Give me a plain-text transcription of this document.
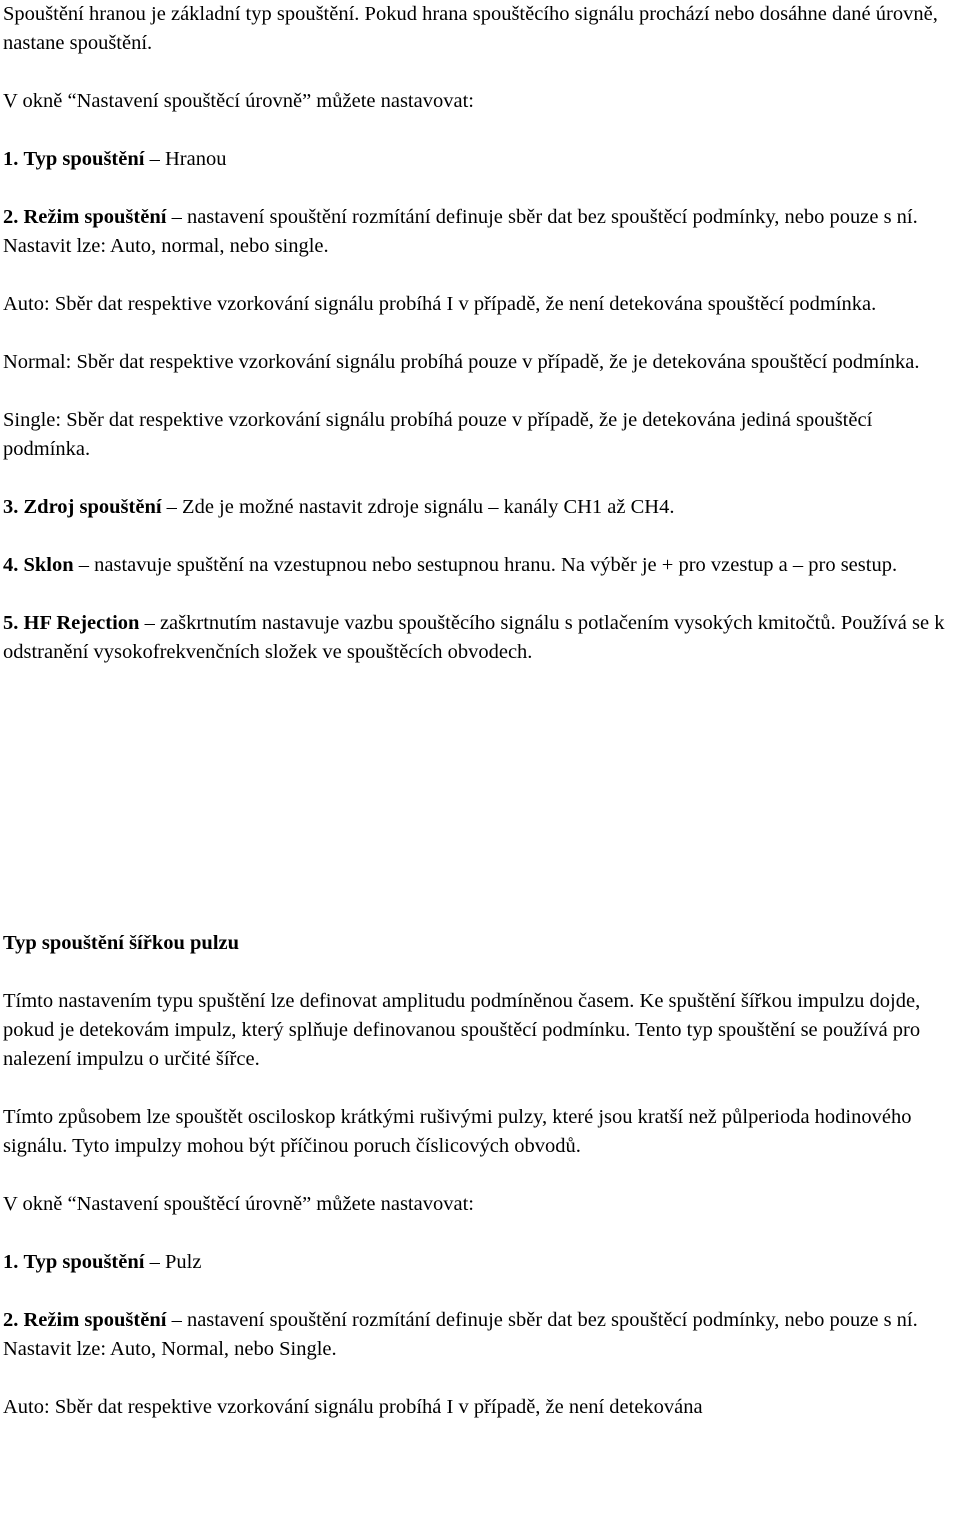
Spouštění hranou je základní typ spouštění. Pokud hrana spouštěcího signálu prochází nebo dosáhne dané úrovně, nastane spouštění.

V okně “Nastavení spouštěcí úrovně” můžete nastavovat:

1. Typ spouštění – Hranou

2. Režim spouštění – nastavení spouštění rozmítání definuje sběr dat bez spouštěcí podmínky, nebo pouze s ní. Nastavit lze: Auto, normal, nebo single.

Auto: Sběr dat respektive vzorkování signálu probíhá I v případě, že není detekována spouštěcí podmínka.

Normal: Sběr dat respektive vzorkování signálu probíhá pouze v případě, že je detekována spouštěcí podmínka.

Single: Sběr dat respektive vzorkování signálu probíhá pouze v případě, že je detekována jediná spouštěcí podmínka.

3. Zdroj spouštění – Zde je možné nastavit zdroje signálu – kanály CH1 až CH4.

4. Sklon – nastavuje spuštění na vzestupnou nebo sestupnou hranu. Na výběr je + pro vzestup a – pro sestup.

5. HF Rejection – zaškrtnutím nastavuje vazbu spouštěcího signálu s potlačením vysokých kmitočtů. Používá se k odstranění vysokofrekvenčních složek ve spouštěcích obvodech.

Typ spouštění šířkou pulzu

Tímto nastavením typu spuštění lze definovat amplitudu podmíněnou časem. Ke spuštění šířkou impulzu dojde, pokud je detekovám impulz, který splňuje definovanou spouštěcí podmínku. Tento typ spouštění se používá pro nalezení impulzu o určité šířce.

Tímto způsobem lze spouštět osciloskop krátkými rušivými pulzy, které jsou kratší než půlperioda hodinového signálu. Tyto impulzy mohou být příčinou poruch číslicových obvodů.

V okně “Nastavení spouštěcí úrovně” můžete nastavovat:

1. Typ spouštění – Pulz

2. Režim spouštění – nastavení spouštění rozmítání definuje sběr dat bez spouštěcí podmínky, nebo pouze s ní. Nastavit lze: Auto, Normal, nebo Single.

Auto: Sběr dat respektive vzorkování signálu probíhá I v případě, že není detekována
